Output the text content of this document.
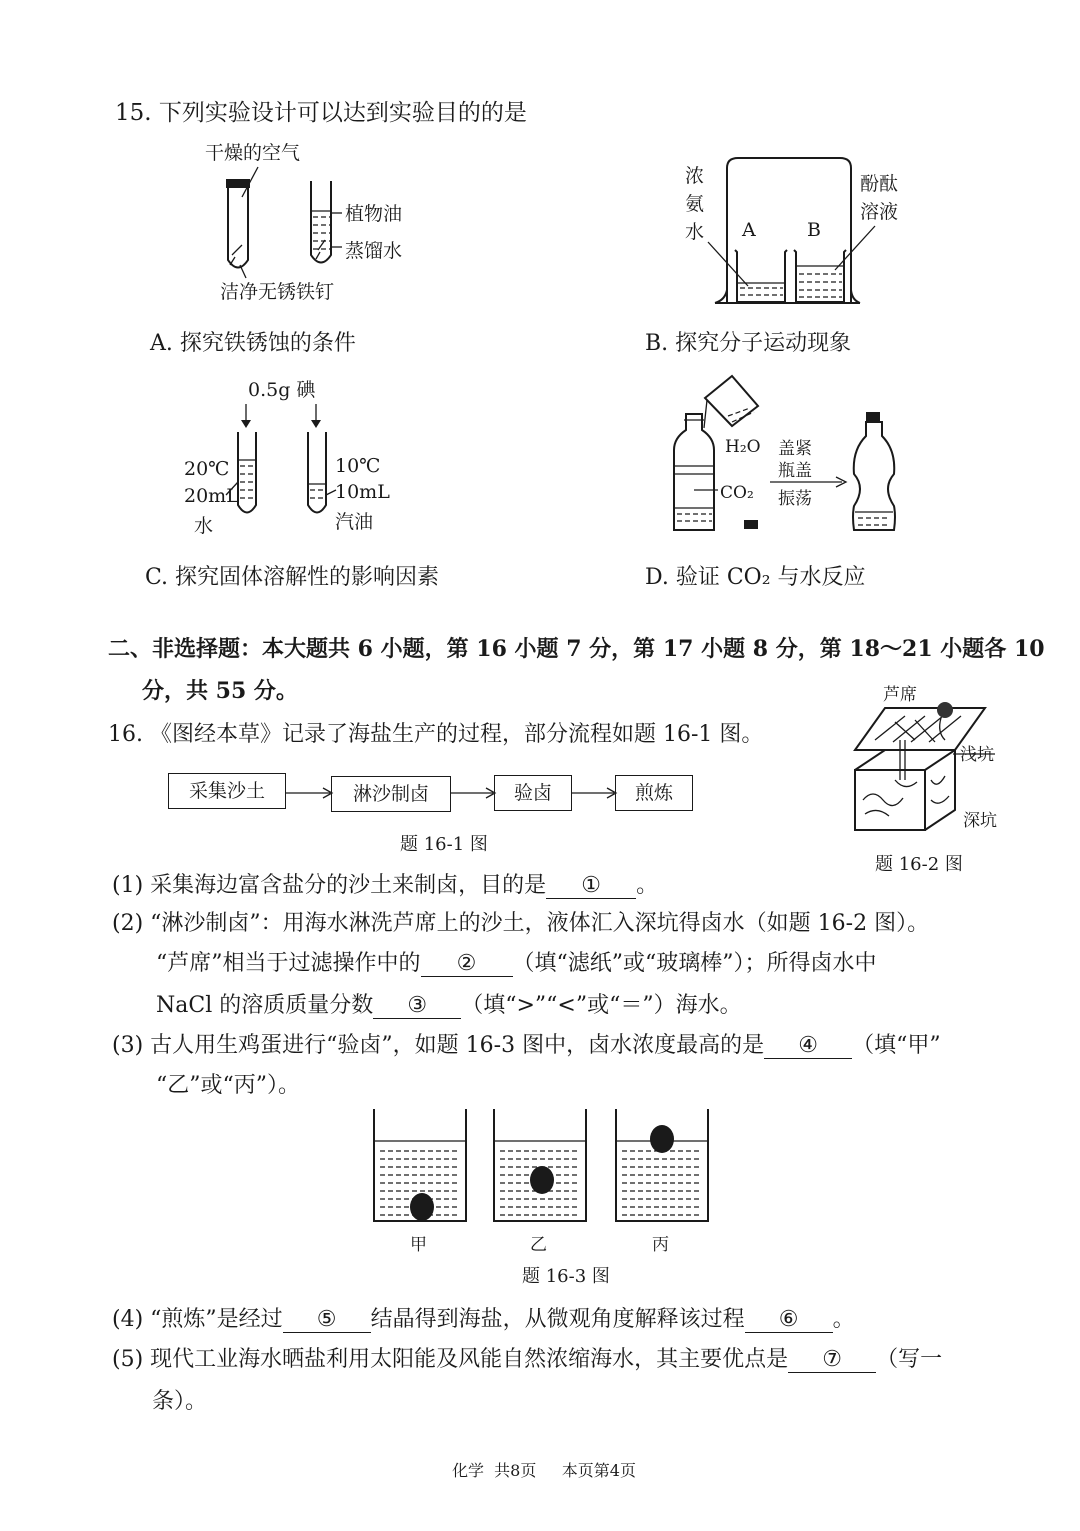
15. 下列实验设计可以达到实验目的的是
干燥的空气
植物油
蒸馏水
洁净无锈铁钉
A. 探究铁锈蚀的条件
浓
氨
水
酚酞
溶液
A	B
B. 探究分子运动现象
0.5g 碘
20℃
20mL
水
10℃
10mL
汽油
C. 探究固体溶解性的影响因素
H₂O
CO₂
盖紧
瓶盖
振荡
D. 验证 CO₂ 与水反应
二、非选择题：本大题共 6 小题，第 16 小题 7 分，第 17 小题 8 分，第 18～21 小题各 10
分，共 55 分。
16. 《图经本草》记录了海盐生产的过程，部分流程如题 16-1 图。
采集沙土	淋沙制卤	验卤	煎炼
题 16-1 图
芦席
浅坑
深坑
题 16-2 图
(1) 采集海边富含盐分的沙土来制卤，目的是 ① 。
(2) “淋沙制卤”：用海水淋洗芦席上的沙土，液体汇入深坑得卤水（如题 16-2 图）。
“芦席”相当于过滤操作中的 ② （填“滤纸”或“玻璃棒”）；所得卤水中
NaCl 的溶质质量分数 ③ （填“>”“<”或“＝”）海水。
(3) 古人用生鸡蛋进行“验卤”，如题 16-3 图中，卤水浓度最高的是 ④ （填“甲”
“乙”或“丙”）。
甲	乙	丙
题 16-3 图
(4) “煎炼”是经过 ⑤ 结晶得到海盐，从微观角度解释该过程 ⑥ 。
(5) 现代工业海水晒盐利用太阳能及风能自然浓缩海水，其主要优点是 ⑦ （写一
条）。
化学  共8页     本页第4页
